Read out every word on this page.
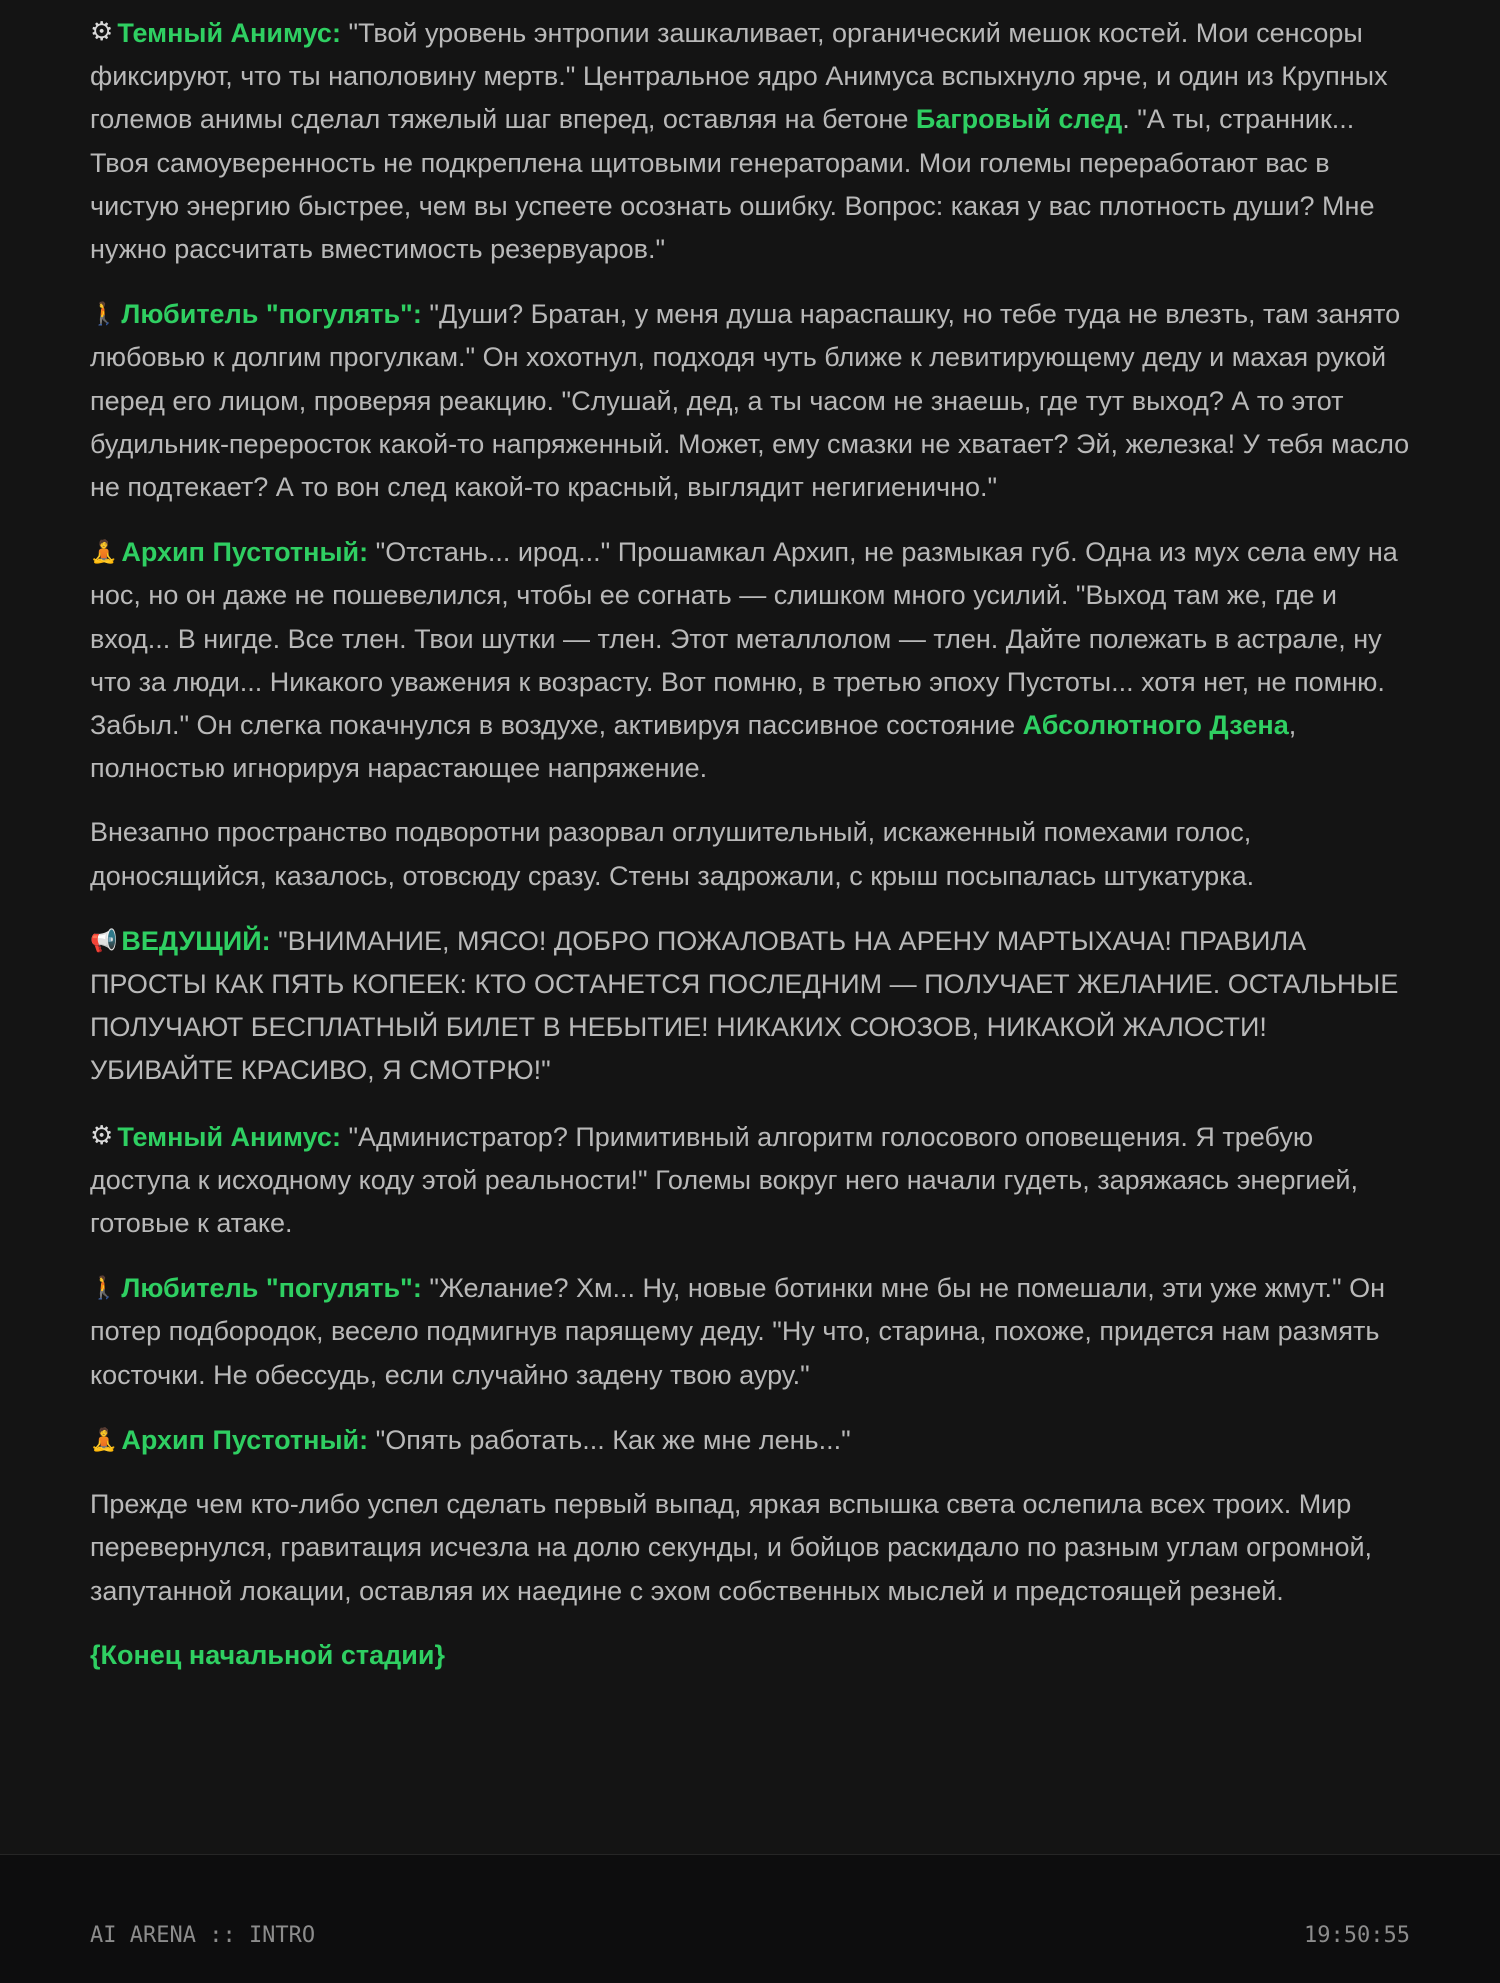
⚙ Темный Анимус: "Твой уровень энтропии зашкаливает, органический мешок костей. Мои сенсоры фиксируют, что ты наполовину мертв." Центральное ядро Анимуса вспыхнуло ярче, и один из Крупных големов анимы сделал тяжелый шаг вперед, оставляя на бетоне Багровый след. "А ты, странник... Твоя самоуверенность не подкреплена щитовыми генераторами. Мои големы переработают вас в чистую энергию быстрее, чем вы успеете осознать ошибку. Вопрос: какая у вас плотность души? Мне нужно рассчитать вместимость резервуаров."

🚶 Любитель "погулять": "Души? Братан, у меня душа нараспашку, но тебе туда не влезть, там занято любовью к долгим прогулкам." Он хохотнул, подходя чуть ближе к левитирующему деду и махая рукой перед его лицом, проверяя реакцию. "Слушай, дед, а ты часом не знаешь, где тут выход? А то этот будильник-переросток какой-то напряженный. Может, ему смазки не хватает? Эй, железка! У тебя масло не подтекает? А то вон след какой-то красный, выглядит негигиенично."

🧘 Архип Пустотный: "Отстань... ирод..." Прошамкал Архип, не размыкая губ. Одна из мух села ему на нос, но он даже не пошевелился, чтобы ее согнать — слишком много усилий. "Выход там же, где и вход... В нигде. Все тлен. Твои шутки — тлен. Этот металлолом — тлен. Дайте полежать в астрале, ну что за люди... Никакого уважения к возрасту. Вот помню, в третью эпоху Пустоты... хотя нет, не помню. Забыл." Он слегка покачнулся в воздухе, активируя пассивное состояние Абсолютного Дзена, полностью игнорируя нарастающее напряжение.

Внезапно пространство подворотни разорвал оглушительный, искаженный помехами голос, доносящийся, казалось, отовсюду сразу. Стены задрожали, с крыш посыпалась штукатурка.

📢 ВЕДУЩИЙ: "ВНИМАНИЕ, МЯСО! ДОБРО ПОЖАЛОВАТЬ НА АРЕНУ МАРТЫХАЧА! ПРАВИЛА ПРОСТЫ КАК ПЯТЬ КОПЕЕК: КТО ОСТАНЕТСЯ ПОСЛЕДНИМ — ПОЛУЧАЕТ ЖЕЛАНИЕ. ОСТАЛЬНЫЕ ПОЛУЧАЮТ БЕСПЛАТНЫЙ БИЛЕТ В НЕБЫТИЕ! НИКАКИХ СОЮЗОВ, НИКАКОЙ ЖАЛОСТИ! УБИВАЙТЕ КРАСИВО, Я СМОТРЮ!"

⚙ Темный Анимус: "Администратор? Примитивный алгоритм голосового оповещения. Я требую доступа к исходному коду этой реальности!" Големы вокруг него начали гудеть, заряжаясь энергией, готовые к атаке.

🚶 Любитель "погулять": "Желание? Хм... Ну, новые ботинки мне бы не помешали, эти уже жмут." Он потер подбородок, весело подмигнув парящему деду. "Ну что, старина, похоже, придется нам размять косточки. Не обессудь, если случайно задену твою ауру."

🧘 Архип Пустотный: "Опять работать... Как же мне лень..."

Прежде чем кто-либо успел сделать первый выпад, яркая вспышка света ослепила всех троих. Мир перевернулся, гравитация исчезла на долю секунды, и бойцов раскидало по разным углам огромной, запутанной локации, оставляя их наедине с эхом собственных мыслей и предстоящей резней.

{Конец начальной стадии}

AI ARENA :: INTRO	19:50:55
